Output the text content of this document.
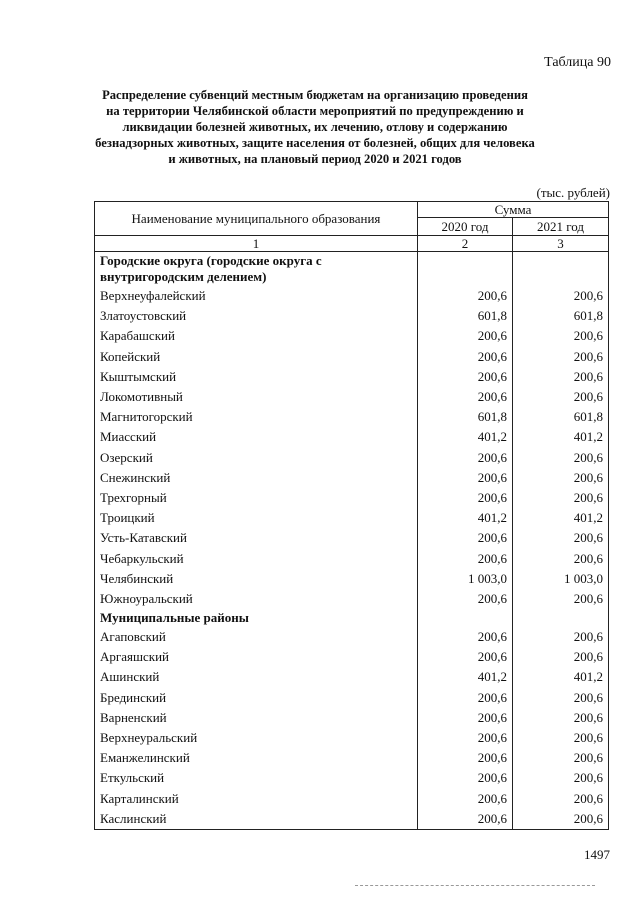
Таблица 90
Распределение субвенций местным бюджетам на организацию проведения на территории Челябинской области мероприятий по предупреждению и ликвидации болезней животных, их лечению, отлову и содержанию безнадзорных животных, защите населения от болезней, общих для человека и животных, на плановый период 2020 и 2021 годов
(тыс. рублей)
Наименование муниципального образования	Сумма	
	2020 год	2021 год
1	2	3
Городские округа (городские округа с внутригородским делением)		
Верхнеуфалейский	200,6	200,6
Златоустовский	601,8	601,8
Карабашский	200,6	200,6
Копейский	200,6	200,6
Кыштымский	200,6	200,6
Локомотивный	200,6	200,6
Магнитогорский	601,8	601,8
Миасский	401,2	401,2
Озерский	200,6	200,6
Снежинский	200,6	200,6
Трехгорный	200,6	200,6
Троицкий	401,2	401,2
Усть-Катавский	200,6	200,6
Чебаркульский	200,6	200,6
Челябинский	1 003,0	1 003,0
Южноуральский	200,6	200,6
Муниципальные районы		
Агаповский	200,6	200,6
Аргаяшский	200,6	200,6
Ашинский	401,2	401,2
Брединский	200,6	200,6
Варненский	200,6	200,6
Верхнеуральский	200,6	200,6
Еманжелинский	200,6	200,6
Еткульский	200,6	200,6
Карталинский	200,6	200,6
Каслинский	200,6	200,6
1497
